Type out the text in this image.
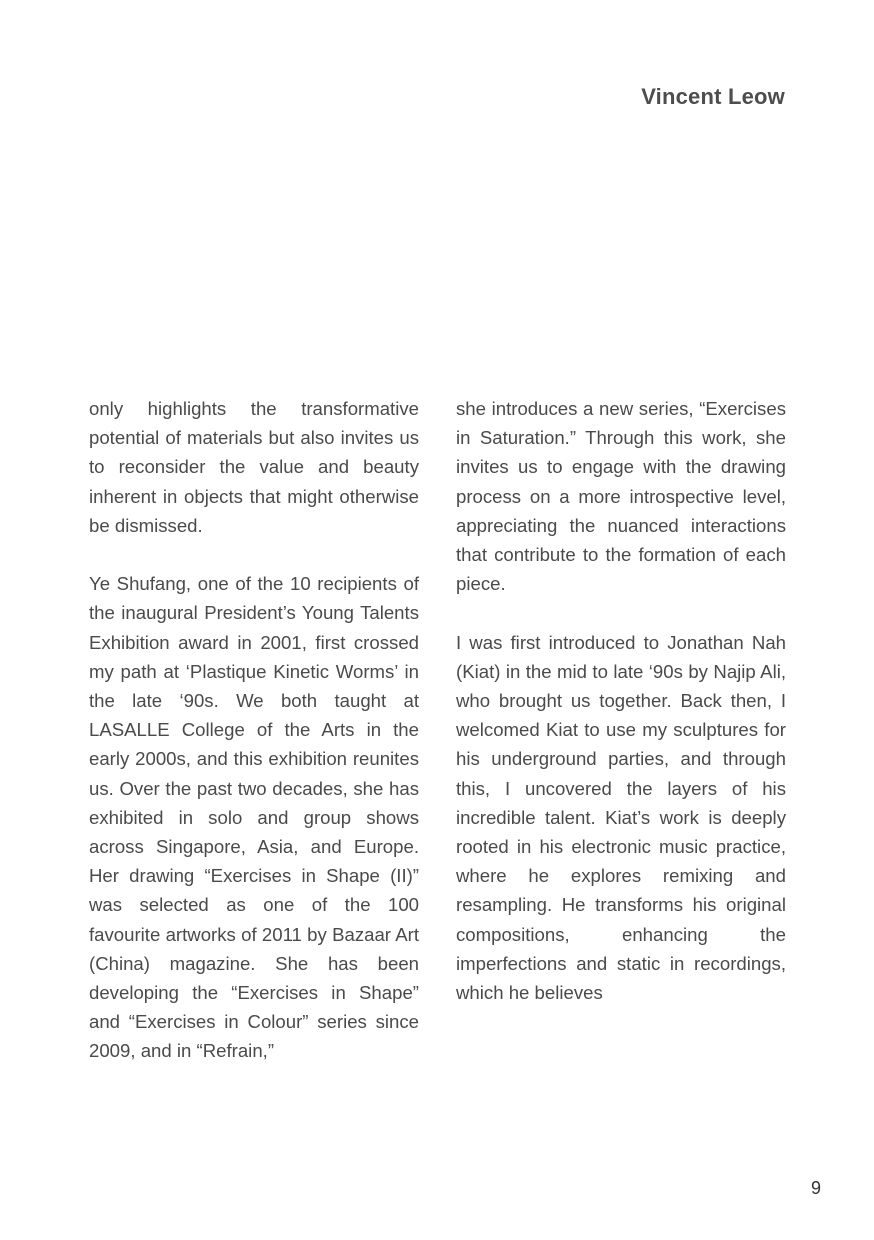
Vincent Leow

only highlights the transformative potential of materials but also invites us to reconsider the value and beauty inherent in objects that might otherwise be dismissed.

Ye Shufang, one of the 10 recipients of the inaugural President’s Young Talents Exhibition award in 2001, first crossed my path at ‘Plastique Kinetic Worms’ in the late ‘90s. We both taught at LASALLE College of the Arts in the early 2000s, and this exhibition reunites us. Over the past two decades, she has exhibited in solo and group shows across Singapore, Asia, and Europe. Her drawing “Exercises in Shape (II)” was selected as one of the 100 favourite artworks of 2011 by Bazaar Art (China) magazine. She has been developing the “Exercises in Shape” and “Exercises in Colour” series since 2009, and in “Refrain,”

she introduces a new series, “Exercises in Saturation.” Through this work, she invites us to engage with the drawing process on a more introspective level, appreciating the nuanced interactions that contribute to the formation of each piece.

I was first introduced to Jonathan Nah (Kiat) in the mid to late ‘90s by Najip Ali, who brought us together. Back then, I welcomed Kiat to use my sculptures for his underground parties, and through this, I uncovered the layers of his incredible talent. Kiat’s work is deeply rooted in his electronic music practice, where he explores remixing and resampling. He transforms his original compositions, enhancing the imperfections and static in recordings, which he believes

9
